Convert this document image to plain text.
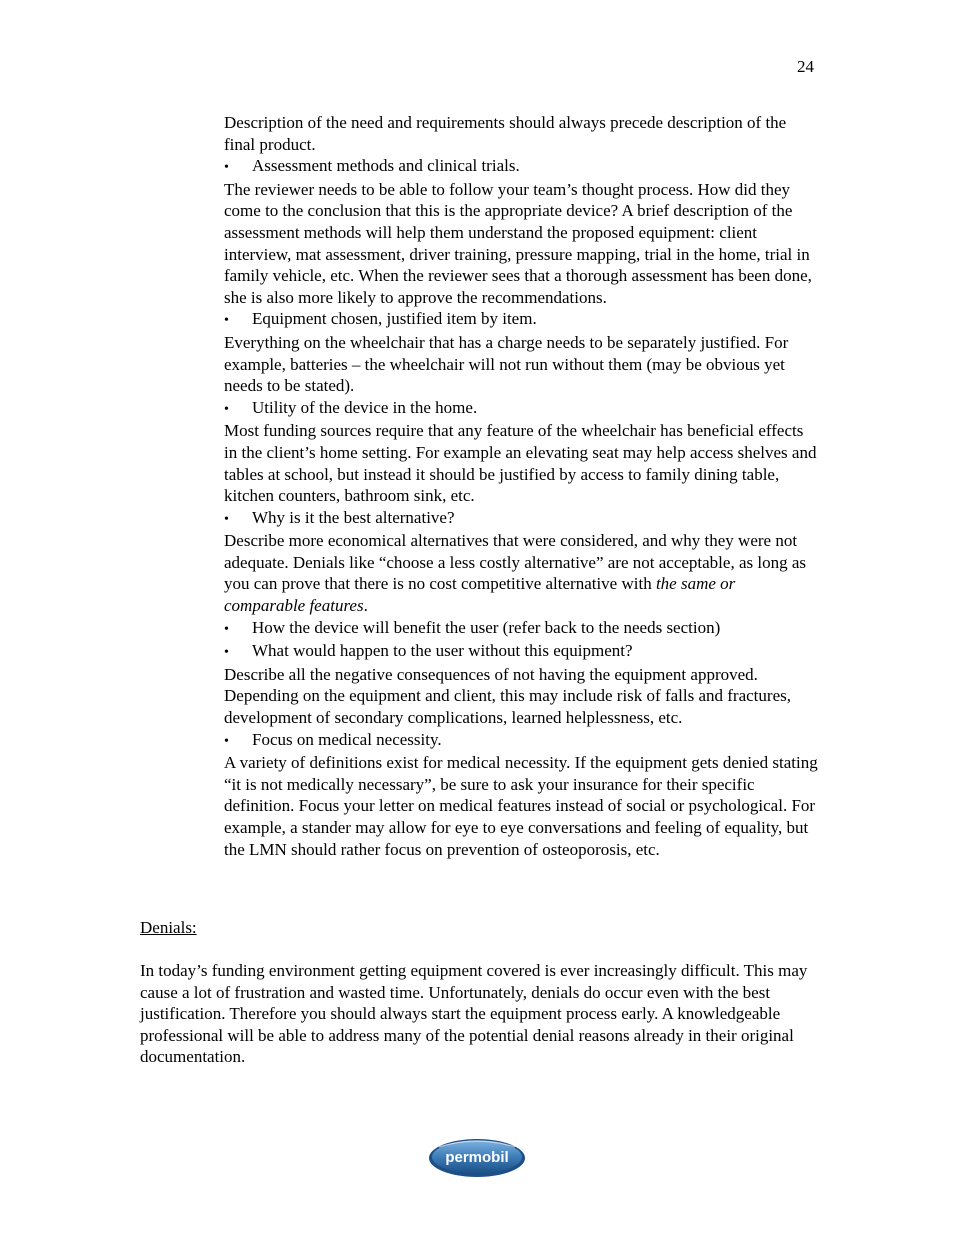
24

Description of the need and requirements should always precede description of the final product.

•
Assessment methods and clinical trials.

The reviewer needs to be able to follow your team’s thought process. How did they come to the conclusion that this is the appropriate device? A brief description of the assessment methods will help them understand the proposed equipment: client interview, mat assessment, driver training, pressure mapping, trial in the home, trial in family vehicle, etc. When the reviewer sees that a thorough assessment has been done, she is also more likely to approve the recommendations.

•
Equipment chosen, justified item by item.

Everything on the wheelchair that has a charge needs to be separately justified. For example, batteries – the wheelchair will not run without them (may be obvious yet needs to be stated).

•
Utility of the device in the home.

Most funding sources require that any feature of the wheelchair has beneficial effects in the client’s home setting. For example an elevating seat may help access shelves and tables at school, but instead it should be justified by access to family dining table, kitchen counters, bathroom sink, etc.

•
Why is it the best alternative?

Describe more economical alternatives that were considered, and why they were not adequate. Denials like “choose a less costly alternative” are not acceptable, as long as you can prove that there is no cost competitive alternative with the same or comparable features.

•
How the device will benefit the user (refer back to the needs section)
•
What would happen to the user without this equipment?

Describe all the negative consequences of not having the equipment approved. Depending on the equipment and client, this may include risk of falls and fractures, development of secondary complications, learned helplessness, etc.

•
Focus on medical necessity.

A variety of definitions exist for medical necessity. If the equipment gets denied stating “it is not medically necessary”, be sure to ask your insurance for their specific definition. Focus your letter on medical features instead of social or psychological. For example, a stander may allow for eye to eye conversations and feeling of equality, but the LMN should rather focus on prevention of osteoporosis, etc.

Denials:

In today’s funding environment getting equipment covered is ever increasingly difficult. This may cause a lot of frustration and wasted time. Unfortunately, denials do occur even with the best justification. Therefore you should always start the equipment process early. A knowledgeable professional will be able to address many of the potential denial reasons already in their original documentation.

permobil
